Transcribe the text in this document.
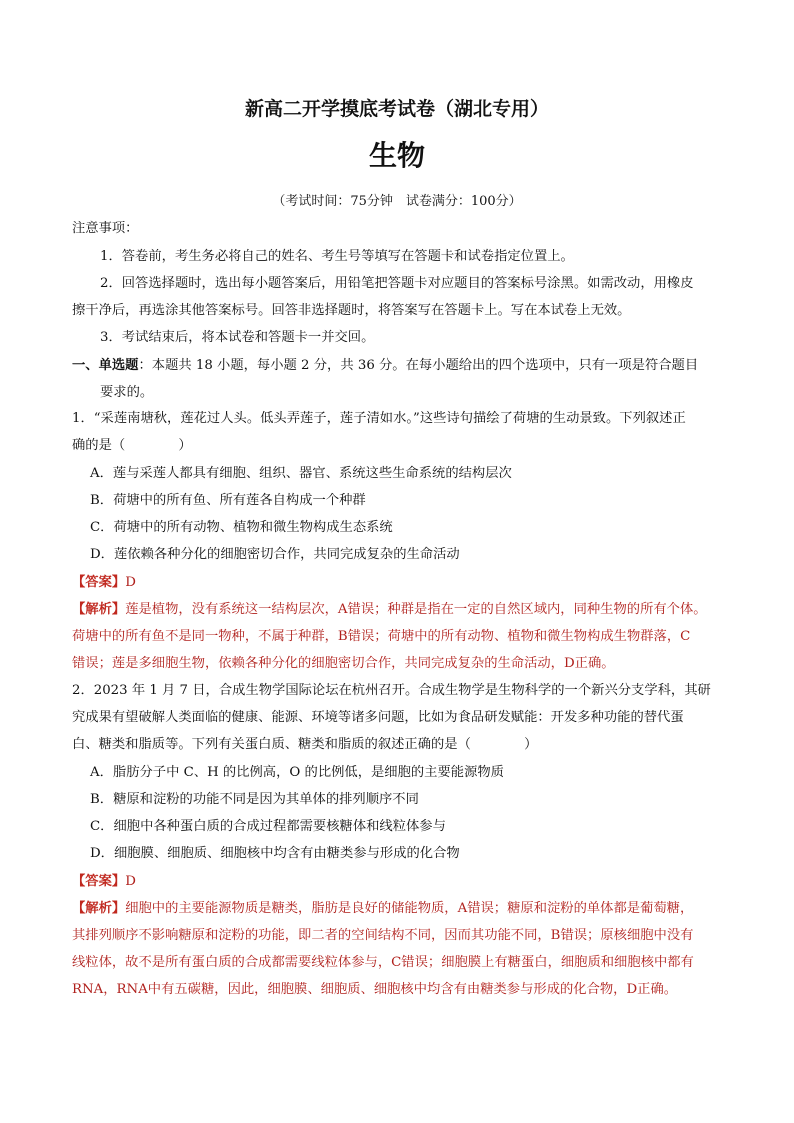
新高二开学摸底考试卷（湖北专用）
生物
（考试时间：75分钟　试卷满分：100分）
注意事项：
1．答卷前，考生务必将自己的姓名、考生号等填写在答题卡和试卷指定位置上。
2．回答选择题时，选出每小题答案后，用铅笔把答题卡对应题目的答案标号涂黑。如需改动，用橡皮
擦干净后，再选涂其他答案标号。回答非选择题时，将答案写在答题卡上。写在本试卷上无效。
3．考试结束后，将本试卷和答题卡一并交回。
一、单选题：本题共 18 小题，每小题 2 分，共 36 分。在每小题给出的四个选项中，只有一项是符合题目
要求的。
1．“采莲南塘秋，莲花过人头。低头弄莲子，莲子清如水。”这些诗句描绘了荷塘的生动景致。下列叙述正
确的是（　　　　）
A．莲与采莲人都具有细胞、组织、器官、系统这些生命系统的结构层次
B．荷塘中的所有鱼、所有莲各自构成一个种群
C．荷塘中的所有动物、植物和微生物构成生态系统
D．莲依赖各种分化的细胞密切合作，共同完成复杂的生命活动
【答案】D
【解析】莲是植物，没有系统这一结构层次，A错误；种群是指在一定的自然区域内，同种生物的所有个体。
荷塘中的所有鱼不是同一物种，不属于种群，B错误；荷塘中的所有动物、植物和微生物构成生物群落，C
错误；莲是多细胞生物，依赖各种分化的细胞密切合作，共同完成复杂的生命活动，D正确。
2．2023 年 1 月 7 日，合成生物学国际论坛在杭州召开。合成生物学是生物科学的一个新兴分支学科，其研
究成果有望破解人类面临的健康、能源、环境等诸多问题，比如为食品研发赋能：开发多种功能的替代蛋
白、糖类和脂质等。下列有关蛋白质、糖类和脂质的叙述正确的是（　　　　）
A．脂肪分子中 C、H 的比例高，O 的比例低，是细胞的主要能源物质
B．糖原和淀粉的功能不同是因为其单体的排列顺序不同
C．细胞中各种蛋白质的合成过程都需要核糖体和线粒体参与
D．细胞膜、细胞质、细胞核中均含有由糖类参与形成的化合物
【答案】D
【解析】细胞中的主要能源物质是糖类，脂肪是良好的储能物质，A错误；糖原和淀粉的单体都是葡萄糖，
其排列顺序不影响糖原和淀粉的功能，即二者的空间结构不同，因而其功能不同，B错误；原核细胞中没有
线粒体，故不是所有蛋白质的合成都需要线粒体参与，C错误；细胞膜上有糖蛋白，细胞质和细胞核中都有
RNA，RNA中有五碳糖，因此，细胞膜、细胞质、细胞核中均含有由糖类参与形成的化合物，D正确。
